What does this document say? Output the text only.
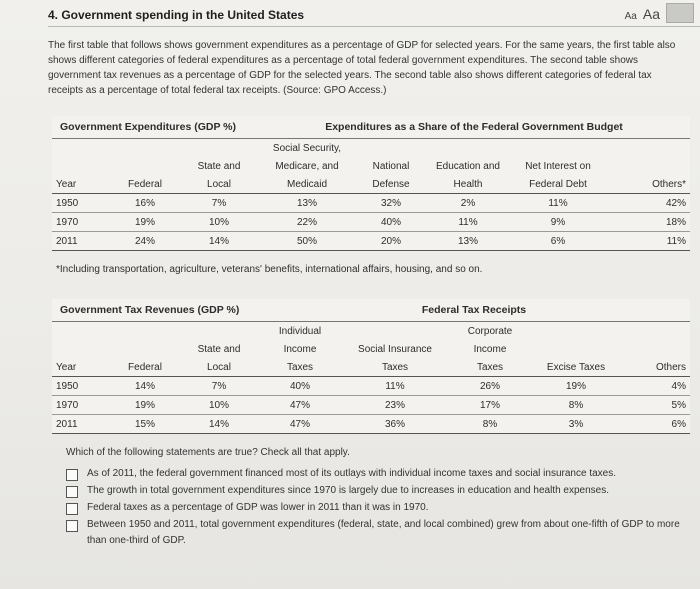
4. Government spending in the United States	Aa Aa
The first table that follows shows government expenditures as a percentage of GDP for selected years. For the same years, the first table also shows different categories of federal expenditures as a percentage of total federal government expenditures. The second table shows government tax revenues as a percentage of GDP for the selected years. The second table also shows different categories of federal tax receipts as a percentage of total federal tax receipts. (Source: GPO Access.)
Government Expenditures (GDP %)			Expenditures as a Share of the Federal Government Budget				
			Social Security,				
		State and	Medicare, and	National	Education and	Net Interest on	
Year	Federal	Local	Medicaid	Defense	Health	Federal Debt	Others*
1950	16%	7%	13%	32%	2%	11%	42%
1970	19%	10%	22%	40%	11%	9%	18%
2011	24%	14%	50%	20%	13%	6%	11%
*Including transportation, agriculture, veterans' benefits, international affairs, housing, and so on.
Government Tax Revenues (GDP %)			Federal Tax Receipts				
			Individual		Corporate		
		State and	Income	Social Insurance	Income		
Year	Federal	Local	Taxes	Taxes	Taxes	Excise Taxes	Others
1950	14%	7%	40%	11%	26%	19%	4%
1970	19%	10%	47%	23%	17%	8%	5%
2011	15%	14%	47%	36%	8%	3%	6%
Which of the following statements are true? Check all that apply.
As of 2011, the federal government financed most of its outlays with individual income taxes and social insurance taxes.
The growth in total government expenditures since 1970 is largely due to increases in education and health expenses.
Federal taxes as a percentage of GDP was lower in 2011 than it was in 1970.
Between 1950 and 2011, total government expenditures (federal, state, and local combined) grew from about one-fifth of GDP to more than one-third of GDP.
